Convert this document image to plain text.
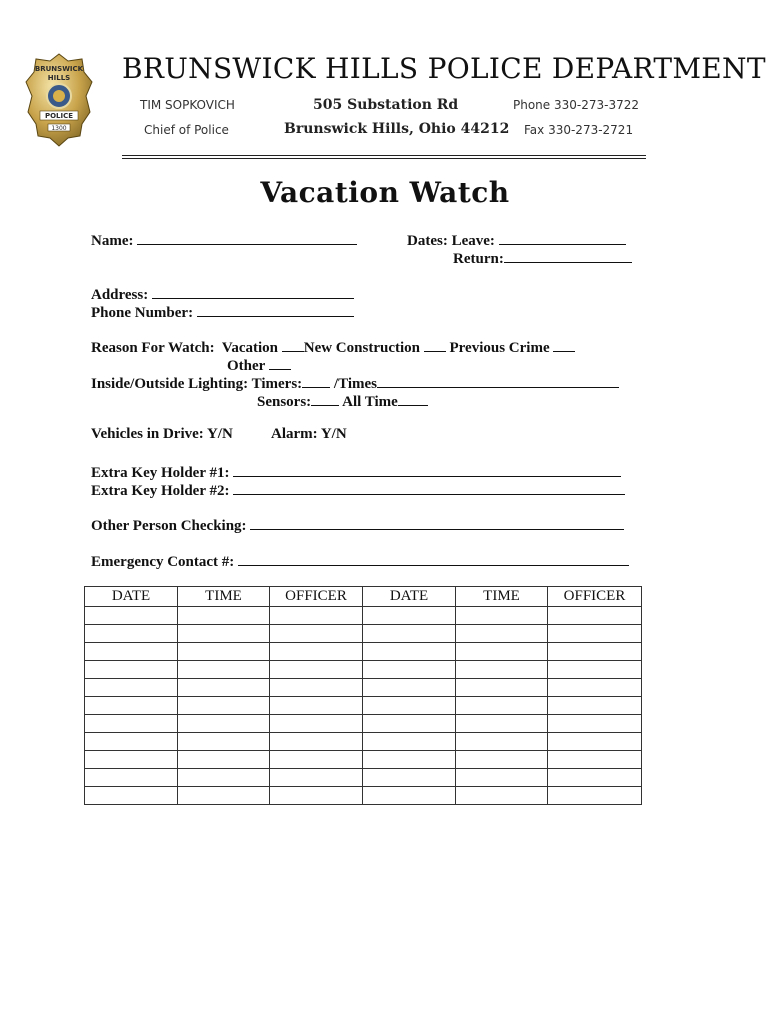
BRUNSWICK
HILLS
POLICE
1300
BRUNSWICK HILLS POLICE DEPARTMENT
TIM SOPKOVICH
Chief of Police
505 Substation Rd
Brunswick Hills, Ohio 44212
Phone 330-273-3722
Fax 330-273-2721
Vacation Watch
Name:	Dates: Leave:
Return:
Address:
Phone Number:
Reason For Watch: Vacation New Construction Previous Crime
Other
Inside/Outside Lighting: Timers: /Times
Sensors: All Time
Vehicles in Drive: Y/N	Alarm: Y/N
Extra Key Holder #1:
Extra Key Holder #2:
Other Person Checking:
Emergency Contact #:
DATE	TIME	OFFICER	DATE	TIME	OFFICER
